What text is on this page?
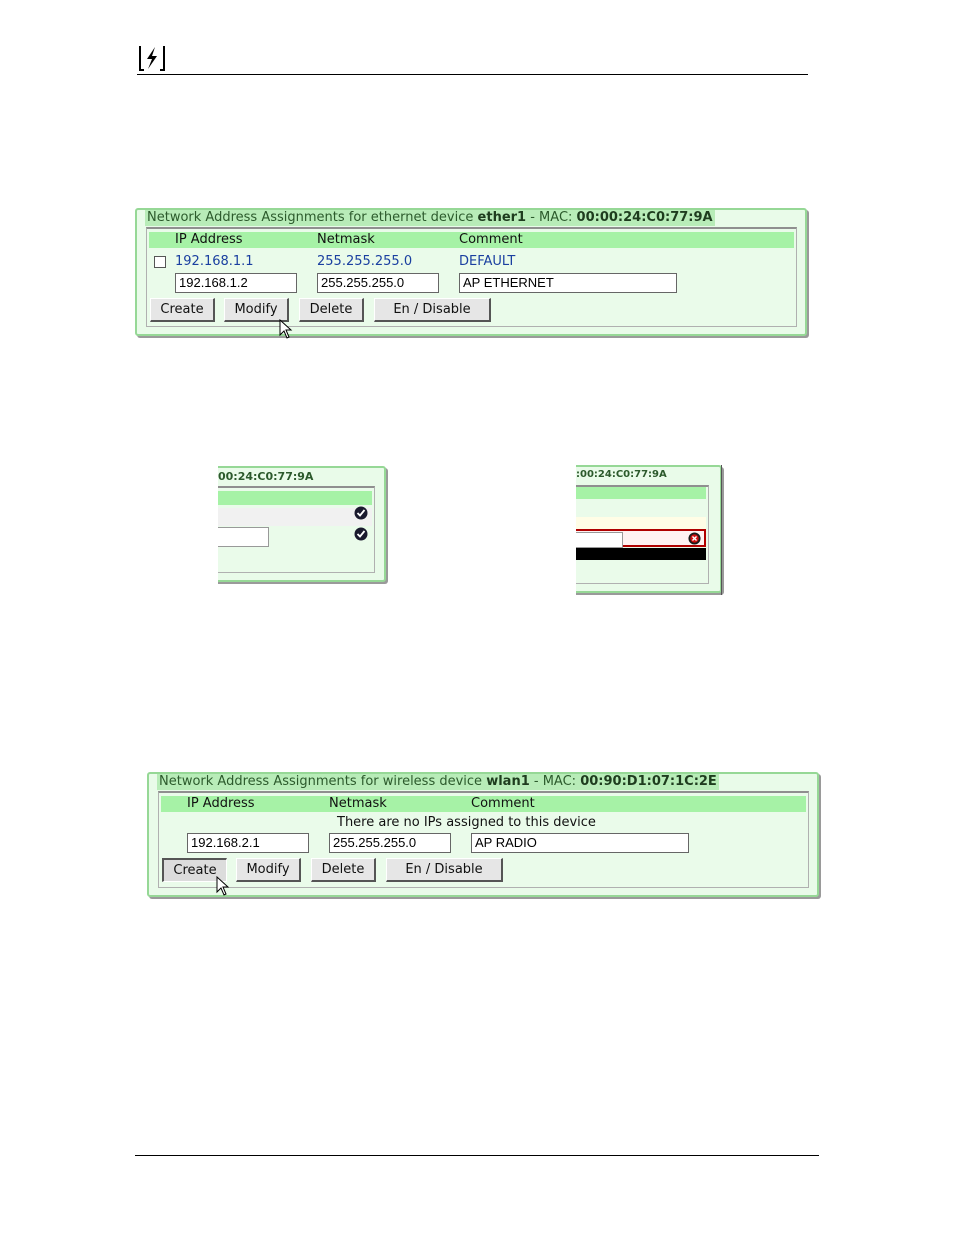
Network Address Assignments for ethernet device ether1 - MAC: 00:00:24:C0:77:9A
IP Address	Netmask	Comment
192.168.1.1	255.255.255.0	DEFAULT
192.168.1.2	255.255.255.0	AP ETHERNET
Create	Modify	Delete	En / Disable
00:24:C0:77:9A	:00:24:C0:77:9A
Network Address Assignments for wireless device wlan1 - MAC: 00:90:D1:07:1C:2E
IP Address	Netmask	Comment
There are no IPs assigned to this device
192.168.2.1	255.255.255.0	AP RADIO
Create	Modify	Delete	En / Disable
